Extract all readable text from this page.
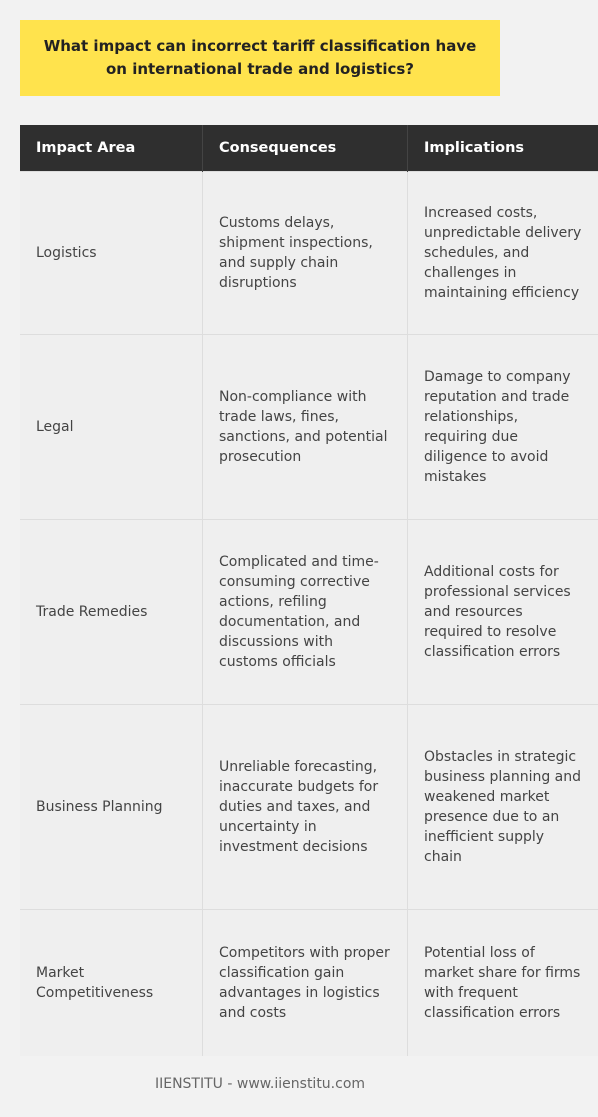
What impact can incorrect tariff classification have on international trade and logistics?
Impact Area	Consequences	Implications
Logistics	Customs delays, shipment inspections, and supply chain disruptions	Increased costs, unpredictable delivery schedules, and challenges in maintaining efficiency
Legal	Non-compliance with trade laws, fines, sanctions, and potential prosecution	Damage to company reputation and trade relationships, requiring due diligence to avoid mistakes
Trade Remedies	Complicated and time-consuming corrective actions, refiling documentation, and discussions with customs officials	Additional costs for professional services and resources required to resolve classification errors
Business Planning	Unreliable forecasting, inaccurate budgets for duties and taxes, and uncertainty in investment decisions	Obstacles in strategic business planning and weakened market presence due to an inefficient supply chain
Market Competitiveness	Competitors with proper classification gain advantages in logistics and costs	Potential loss of market share for firms with frequent classification errors
IIENSTITU - www.iienstitu.com
